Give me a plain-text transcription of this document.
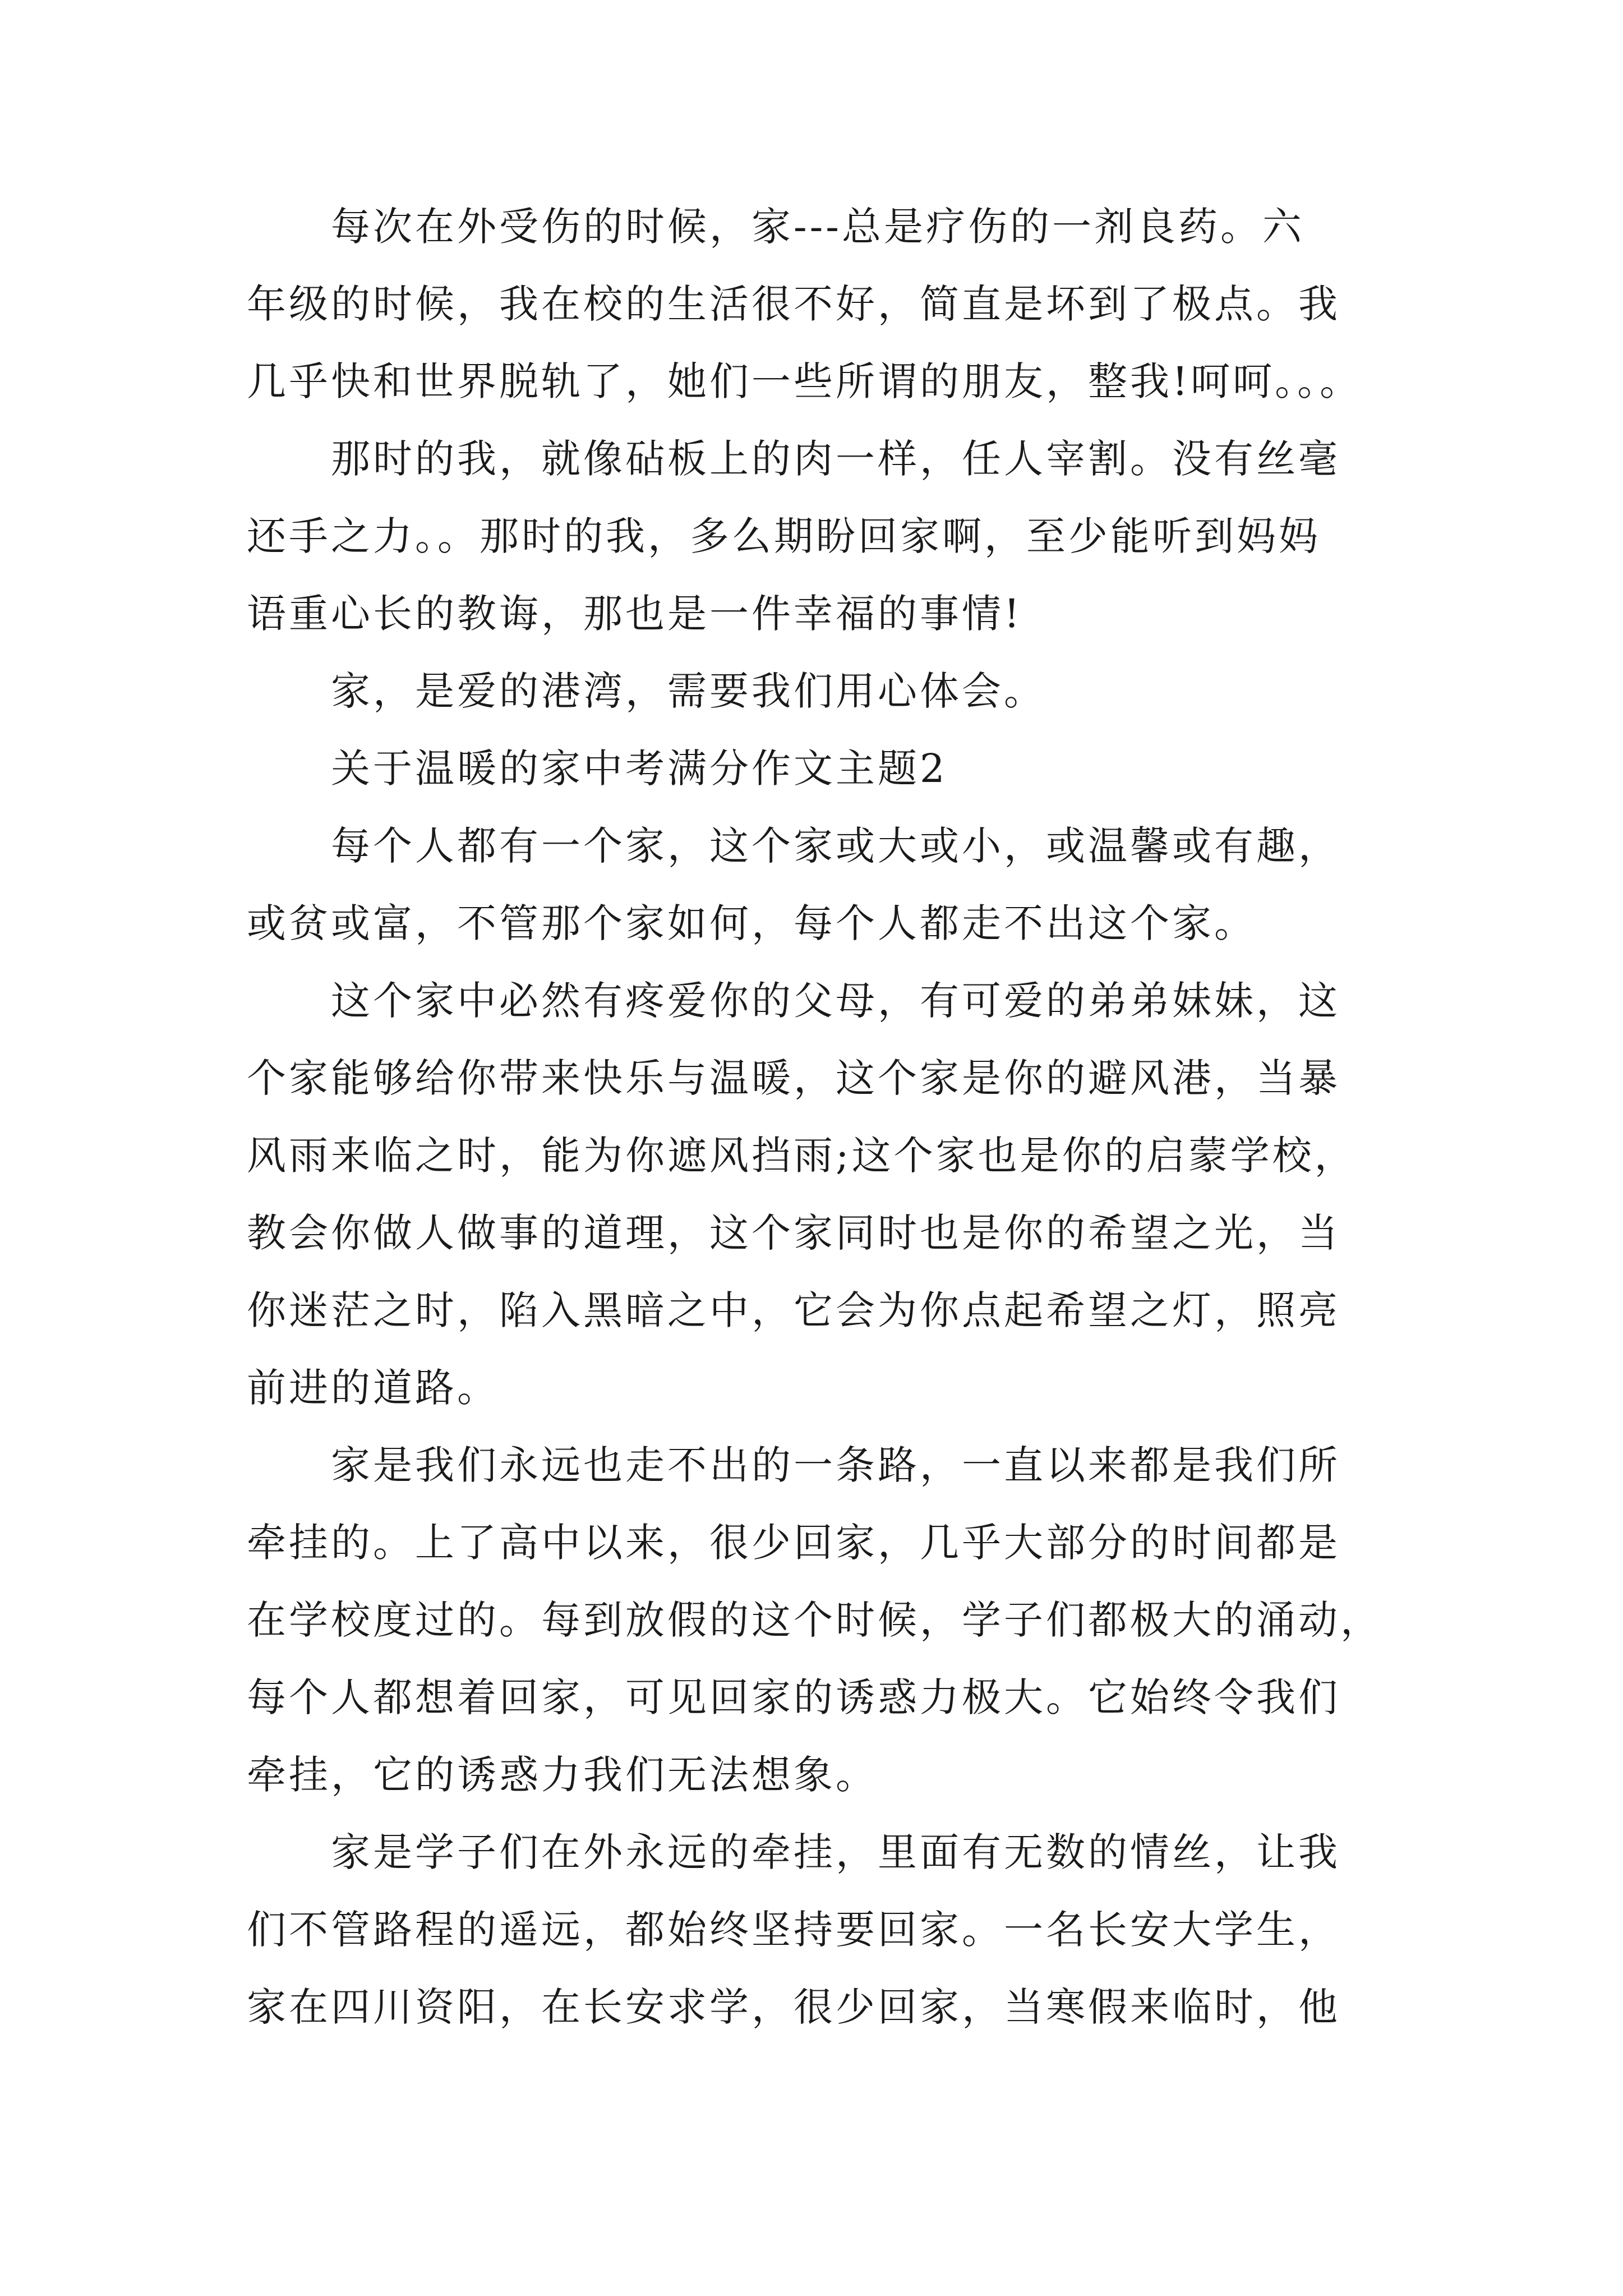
每次在外受伤的时候，家---总是疗伤的一剂良药。六
年级的时候，我在校的生活很不好，简直是坏到了极点。我
几乎快和世界脱轨了，她们一些所谓的朋友，整我!呵呵。。。
那时的我，就像砧板上的肉一样，任人宰割。没有丝毫
还手之力。。那时的我，多么期盼回家啊，至少能听到妈妈
语重心长的教诲，那也是一件幸福的事情!
家，是爱的港湾，需要我们用心体会。
关于温暖的家中考满分作文主题2
每个人都有一个家，这个家或大或小，或温馨或有趣，
或贫或富，不管那个家如何，每个人都走不出这个家。
这个家中必然有疼爱你的父母，有可爱的弟弟妹妹，这
个家能够给你带来快乐与温暖，这个家是你的避风港，当暴
风雨来临之时，能为你遮风挡雨;这个家也是你的启蒙学校，
教会你做人做事的道理，这个家同时也是你的希望之光，当
你迷茫之时，陷入黑暗之中，它会为你点起希望之灯，照亮
前进的道路。
家是我们永远也走不出的一条路，一直以来都是我们所
牵挂的。上了高中以来，很少回家，几乎大部分的时间都是
在学校度过的。每到放假的这个时候，学子们都极大的涌动，
每个人都想着回家，可见回家的诱惑力极大。它始终令我们
牵挂，它的诱惑力我们无法想象。
家是学子们在外永远的牵挂，里面有无数的情丝，让我
们不管路程的遥远，都始终坚持要回家。一名长安大学生，
家在四川资阳，在长安求学，很少回家，当寒假来临时，他
